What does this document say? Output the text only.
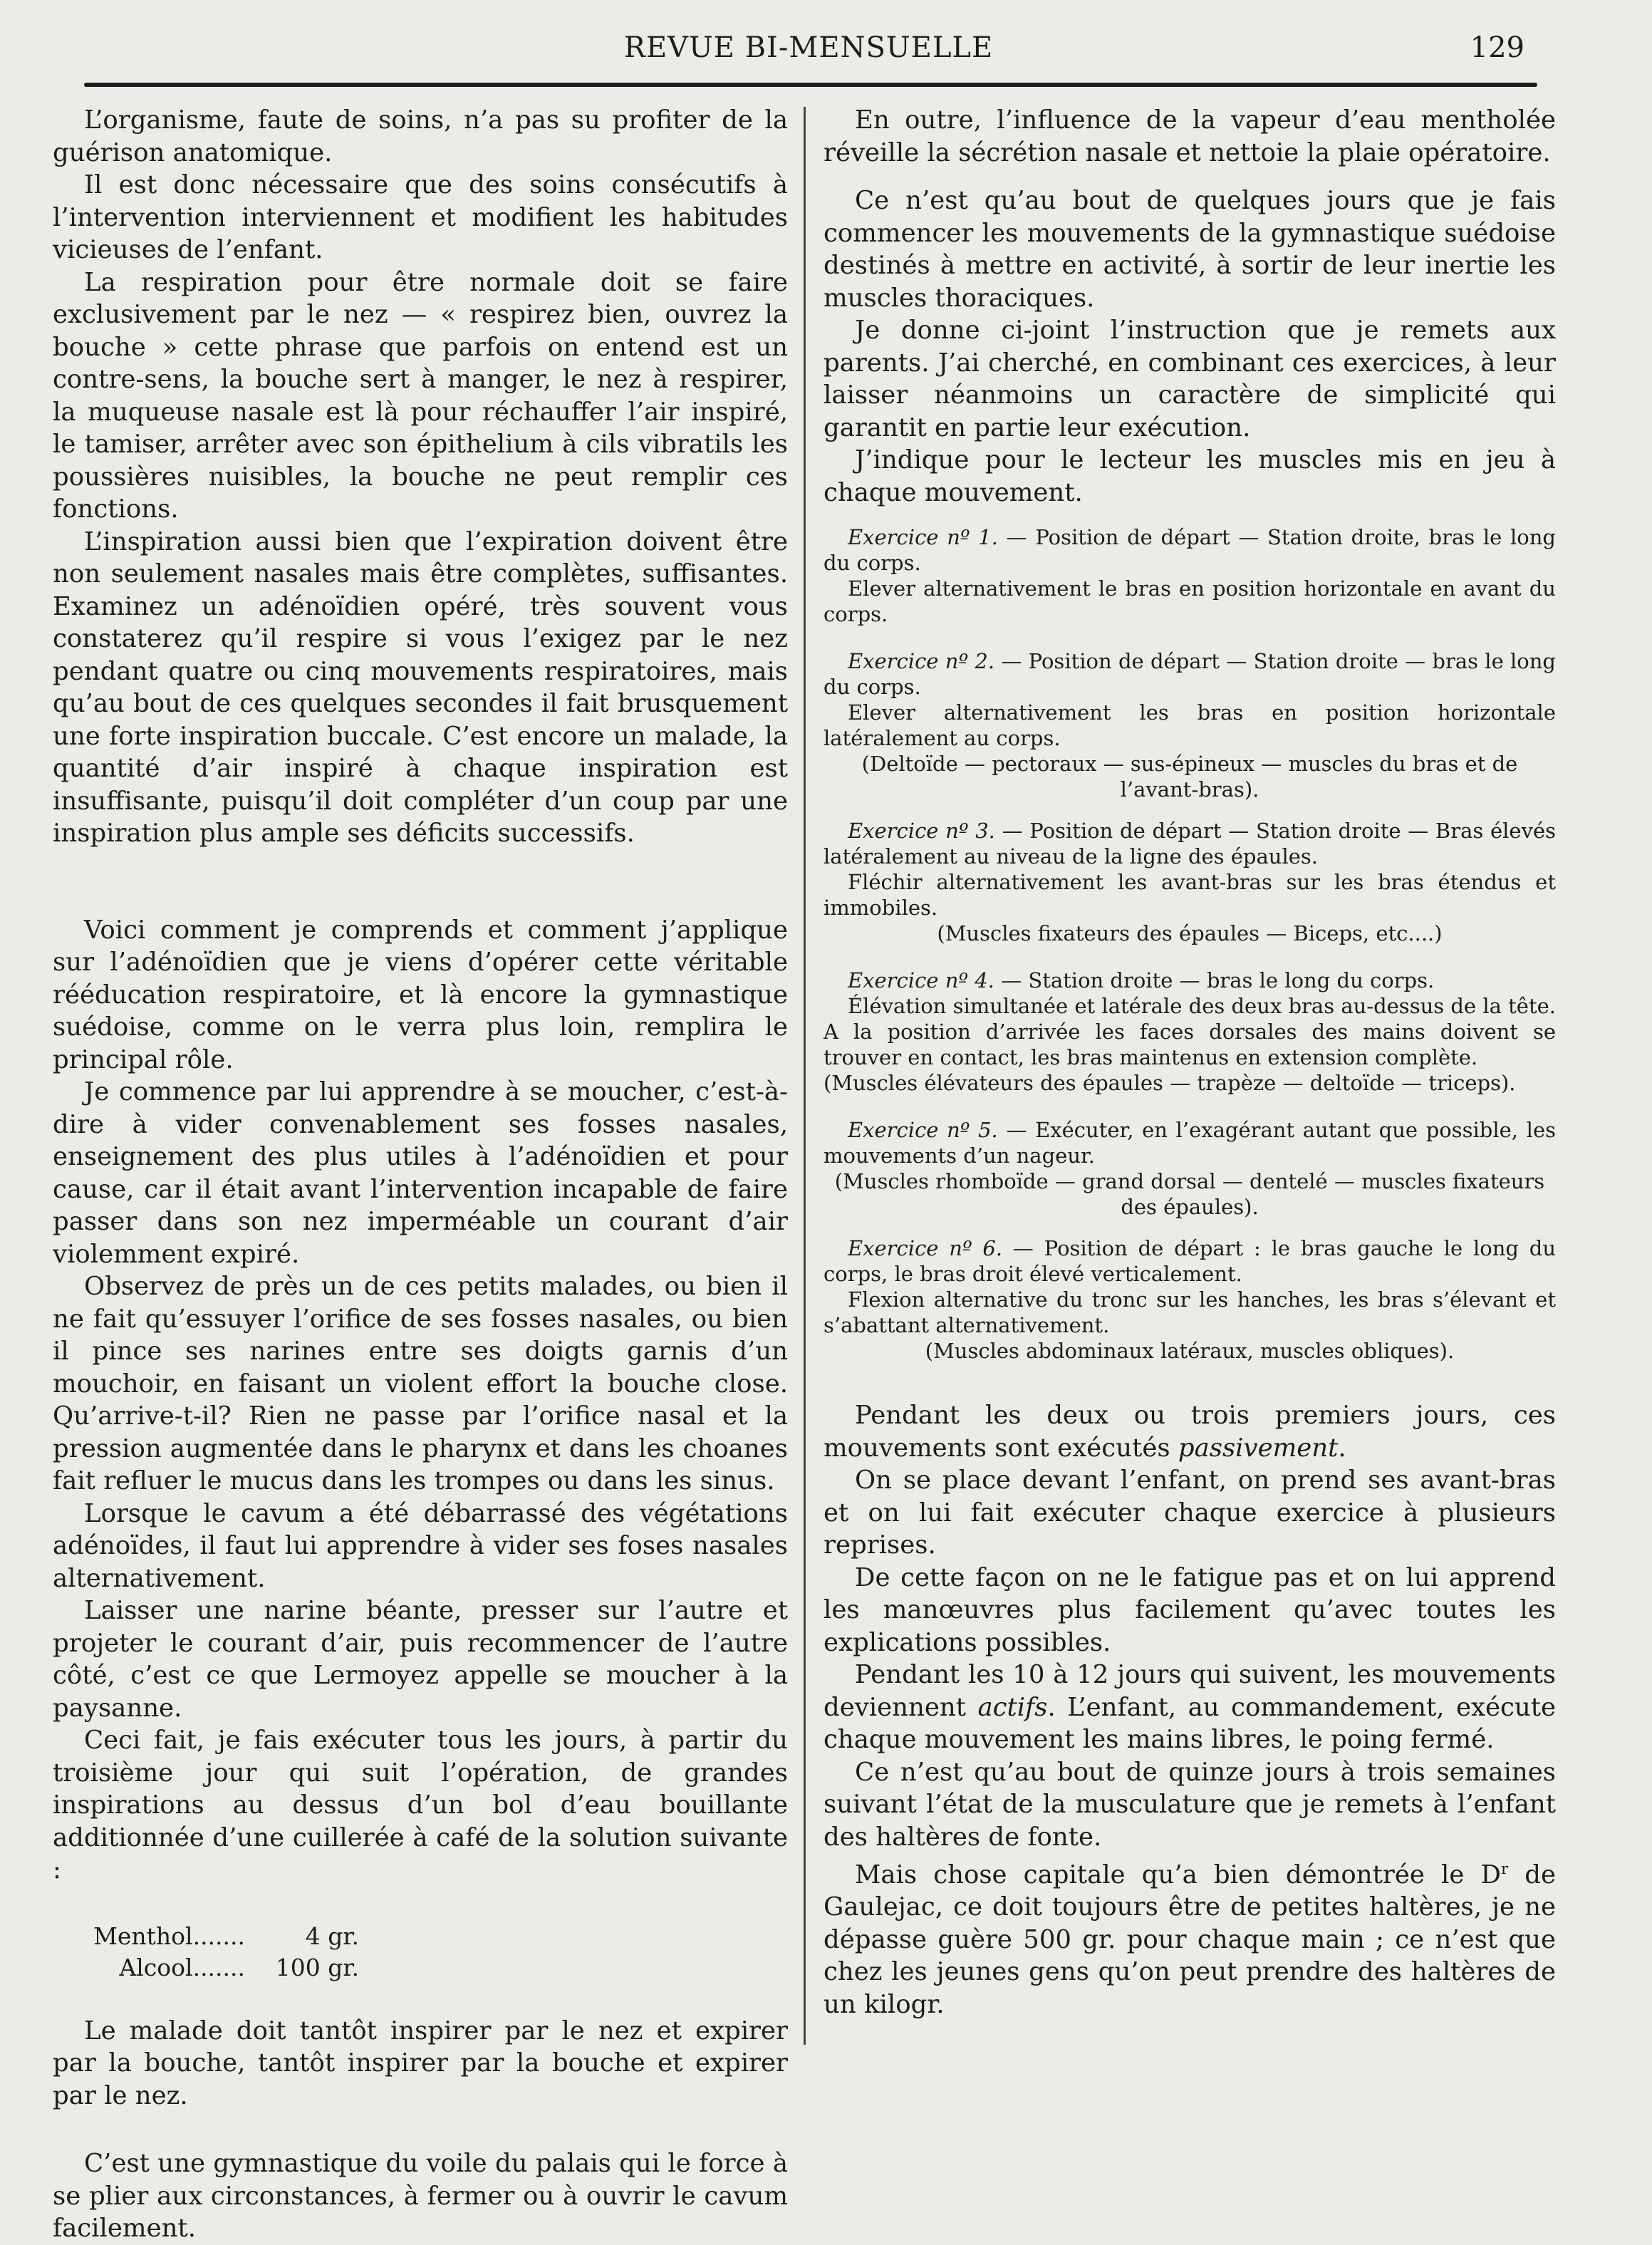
REVUE BI-MENSUELLE	129

L’organisme, faute de soins, n’a pas su profiter de la guérison anatomique.

Il est donc nécessaire que des soins consécutifs à l’intervention interviennent et modifient les habitudes vicieuses de l’enfant.

La respiration pour être normale doit se faire exclusivement par le nez — « respirez bien, ouvrez la bouche » cette phrase que parfois on entend est un contre-sens, la bouche sert à manger, le nez à respirer, la muqueuse nasale est là pour réchauffer l’air inspiré, le tamiser, arrêter avec son épithelium à cils vibratils les poussières nuisibles, la bouche ne peut remplir ces fonctions.

L’inspiration aussi bien que l’expiration doivent être non seulement nasales mais être complètes, suffisantes. Examinez un adénoïdien opéré, très souvent vous constaterez qu’il respire si vous l’exigez par le nez pendant quatre ou cinq mouvements respiratoires, mais qu’au bout de ces quelques secondes il fait brusquement une forte inspiration buccale. C’est encore un malade, la quantité d’air inspiré à chaque inspiration est insuffisante, puisqu’il doit compléter d’un coup par une inspiration plus ample ses déficits successifs.

Voici comment je comprends et comment j’applique sur l’adénoïdien que je viens d’opérer cette véritable rééducation respiratoire, et là encore la gymnastique suédoise, comme on le verra plus loin, remplira le principal rôle.

Je commence par lui apprendre à se moucher, c’est-à-dire à vider convenablement ses fosses nasales, enseignement des plus utiles à l’adénoïdien et pour cause, car il était avant l’intervention incapable de faire passer dans son nez imperméable un courant d’air violemment expiré.

Observez de près un de ces petits malades, ou bien il ne fait qu’essuyer l’orifice de ses fosses nasales, ou bien il pince ses narines entre ses doigts garnis d’un mouchoir, en faisant un violent effort la bouche close. Qu’arrive-t-il? Rien ne passe par l’orifice nasal et la pression augmentée dans le pharynx et dans les choanes fait refluer le mucus dans les trompes ou dans les sinus.

Lorsque le cavum a été débarrassé des végétations adénoïdes, il faut lui apprendre à vider ses foses nasales alternativement.

Laisser une narine béante, presser sur l’autre et projeter le courant d’air, puis recommencer de l’autre côté, c’est ce que Lermoyez appelle se moucher à la paysanne.

Ceci fait, je fais exécuter tous les jours, à partir du troisième jour qui suit l’opération, de grandes inspirations au dessus d’un bol d’eau bouillante additionnée d’une cuillerée à café de la solution suivante :

Menthol.......	4 gr.
Alcool.......	100 gr.

Le malade doit tantôt inspirer par le nez et expirer par la bouche, tantôt inspirer par la bouche et expirer par le nez.

C’est une gymnastique du voile du palais qui le force à se plier aux circonstances, à fermer ou à ouvrir le cavum facilement.

En outre, l’influence de la vapeur d’eau mentholée réveille la sécrétion nasale et nettoie la plaie opératoire.

Ce n’est qu’au bout de quelques jours que je fais commencer les mouvements de la gymnastique suédoise destinés à mettre en activité, à sortir de leur inertie les muscles thoraciques.

Je donne ci-joint l’instruction que je remets aux parents. J’ai cherché, en combinant ces exercices, à leur laisser néanmoins un caractère de simplicité qui garantit en partie leur exécution.

J’indique pour le lecteur les muscles mis en jeu à chaque mouvement.

Exercice nº 1. — Position de départ — Station droite, bras le long du corps.

Elever alternativement le bras en position horizontale en avant du corps.

Exercice nº 2. — Position de départ — Station droite — bras le long du corps.

Elever alternativement les bras en position horizontale latéralement au corps.

(Deltoïde — pectoraux — sus-épineux — muscles du bras et de l’avant-bras).

Exercice nº 3. — Position de départ — Station droite — Bras élevés latéralement au niveau de la ligne des épaules.

Fléchir alternativement les avant-bras sur les bras étendus et immobiles.

(Muscles fixateurs des épaules — Biceps, etc....)

Exercice nº 4. — Station droite — bras le long du corps.

Élévation simultanée et latérale des deux bras au-dessus de la tête. A la position d’arrivée les faces dorsales des mains doivent se trouver en contact, les bras maintenus en extension complète.

(Muscles élévateurs des épaules — trapèze — deltoïde — triceps).

Exercice nº 5. — Exécuter, en l’exagérant autant que possible, les mouvements d’un nageur.

(Muscles rhomboïde — grand dorsal — dentelé — muscles fixateurs des épaules).

Exercice nº 6. — Position de départ : le bras gauche le long du corps, le bras droit élevé verticalement.

Flexion alternative du tronc sur les hanches, les bras s’élevant et s’abattant alternativement.

(Muscles abdominaux latéraux, muscles obliques).

Pendant les deux ou trois premiers jours, ces mouvements sont exécutés passivement.

On se place devant l’enfant, on prend ses avant-bras et on lui fait exécuter chaque exercice à plusieurs reprises.

De cette façon on ne le fatigue pas et on lui apprend les manœuvres plus facilement qu’avec toutes les explications possibles.

Pendant les 10 à 12 jours qui suivent, les mouvements deviennent actifs. L’enfant, au commandement, exécute chaque mouvement les mains libres, le poing fermé.

Ce n’est qu’au bout de quinze jours à trois semaines suivant l’état de la musculature que je remets à l’enfant des haltères de fonte.

Mais chose capitale qu’a bien démontrée le $D^r$ de Gaulejac, ce doit toujours être de petites haltères, je ne dépasse guère 500 gr. pour chaque main ; ce n’est que chez les jeunes gens qu’on peut prendre des haltères de un kilogr.
